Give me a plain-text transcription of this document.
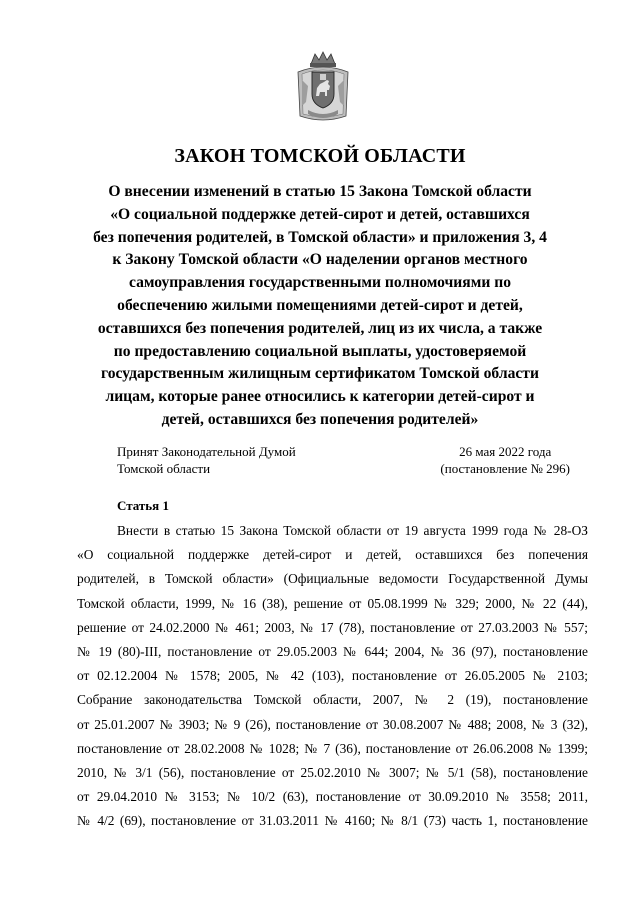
ЗАКОН ТОМСКОЙ ОБЛАСТИ
О внесении изменений в статью 15 Закона Томской области
«О социальной поддержке детей-сирот и детей, оставшихся
без попечения родителей, в Томской области» и приложения 3, 4
к Закону Томской области «О наделении органов местного
самоуправления государственными полномочиями по
обеспечению жилыми помещениями детей-сирот и детей,
оставшихся без попечения родителей, лиц из их числа, а также
по предоставлению социальной выплаты, удостоверяемой
государственным жилищным сертификатом Томской области
лицам, которые ранее относились к категории детей-сирот и
детей, оставшихся без попечения родителей»
Принят Законодательной Думой
Томской области
26 мая 2022 года
(постановление № 296)
Статья 1
Внести в статью 15 Закона Томской области от 19 августа 1999 года № 28-ОЗ
«О социальной поддержке детей-сирот и детей, оставшихся без попечения
родителей, в Томской области» (Официальные ведомости Государственной Думы
Томской области, 1999, № 16 (38), решение от 05.08.1999 № 329; 2000, № 22 (44),
решение от 24.02.2000 № 461; 2003, № 17 (78), постановление от 27.03.2003 № 557;
№ 19 (80)-III, постановление от 29.05.2003 № 644; 2004, № 36 (97), постановление
от 02.12.2004 № 1578; 2005, № 42 (103), постановление от 26.05.2005 № 2103;
Собрание законодательства Томской области, 2007, № 2 (19), постановление
от 25.01.2007 № 3903; № 9 (26), постановление от 30.08.2007 № 488; 2008, № 3 (32),
постановление от 28.02.2008 № 1028; № 7 (36), постановление от 26.06.2008 № 1399;
2010, № 3/1 (56), постановление от 25.02.2010 № 3007; № 5/1 (58), постановление
от 29.04.2010 № 3153; № 10/2 (63), постановление от 30.09.2010 № 3558; 2011,
№ 4/2 (69), постановление от 31.03.2011 № 4160; № 8/1 (73) часть 1, постановление
